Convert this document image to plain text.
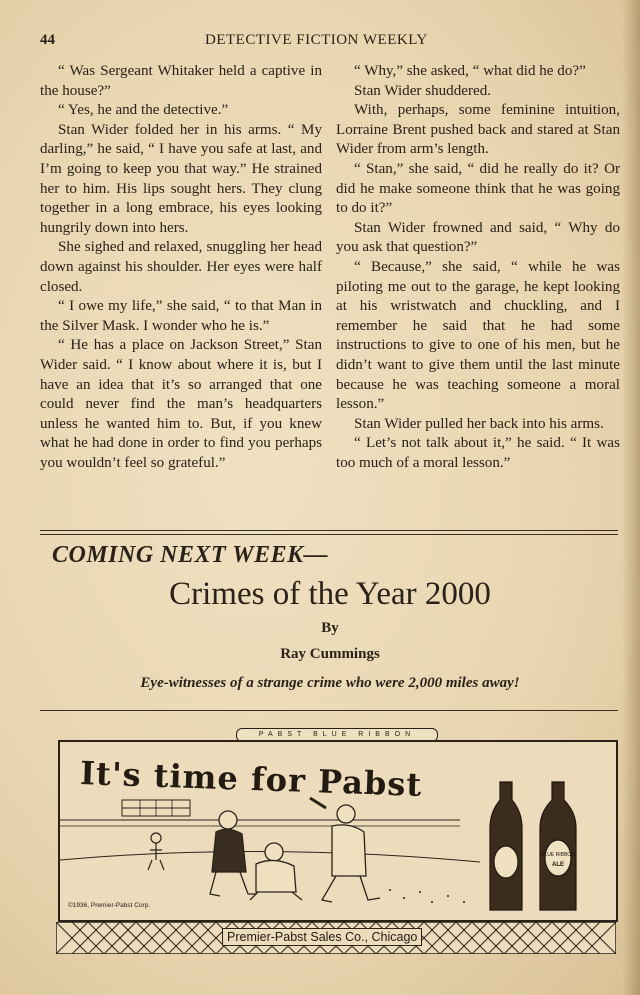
44	DETECTIVE FICTION WEEKLY

“ Was Sergeant Whitaker held a captive in the house?”

“ Yes, he and the detective.”

Stan Wider folded her in his arms. “ My darling,” he said, “ I have you safe at last, and I’m going to keep you that way.” He strained her to him. His lips sought hers. They clung together in a long embrace, his eyes looking hungrily down into hers.

She sighed and relaxed, snuggling her head down against his shoulder. Her eyes were half closed.

“ I owe my life,” she said, “ to that Man in the Silver Mask. I wonder who he is.”

“ He has a place on Jackson Street,” Stan Wider said. “ I know about where it is, but I have an idea that it’s so arranged that one could never find the man’s headquarters unless he wanted him to. But, if you knew what he had done in order to find you perhaps you wouldn’t feel so grateful.”

“ Why,” she asked, “ what did he do?”

Stan Wider shuddered.

With, perhaps, some feminine intuition, Lorraine Brent pushed back and stared at Stan Wider from arm’s length.

“ Stan,” she said, “ did he really do it? Or did he make someone think that he was going to do it?”

Stan Wider frowned and said, “ Why do you ask that question?”

“ Because,” she said, “ while he was piloting me out to the garage, he kept looking at his wristwatch and chuckling, and I remember he said that he had some instructions to give to one of his men, but he didn’t want to give them until the last minute because he was teaching someone a moral lesson.”

Stan Wider pulled her back into his arms.

“ Let’s not talk about it,” he said. “ It was too much of a moral lesson.”

COMING NEXT WEEK—
Crimes of the Year 2000
By
Ray Cummings
Eye-witnesses of a strange crime who were 2,000 miles away!
PABST BLUE RIBBON
It's time for Pabst
BLUE RIBBON
ALE
©1936, Premier-Pabst Corp.
Premier-Pabst Sales Co., Chicago
